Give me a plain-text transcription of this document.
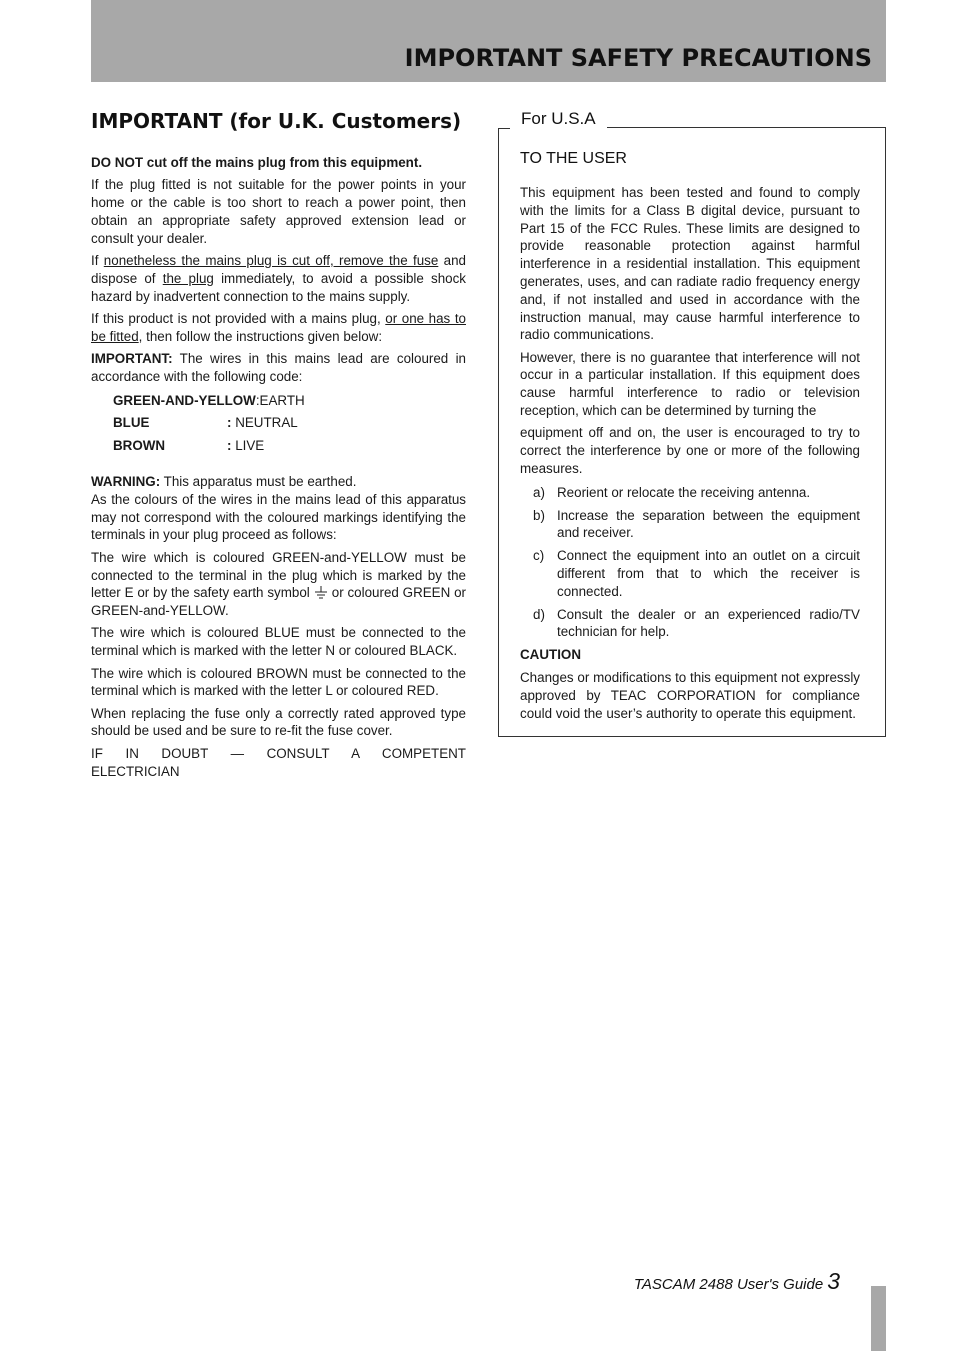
IMPORTANT SAFETY PRECAUTIONS
IMPORTANT (for U.K. Customers)

DO NOT cut off the mains plug from this equipment.

If the plug fitted is not suitable for the power points in your home or the cable is too short to reach a power point, then obtain an appropriate safety approved extension lead or consult your dealer.

If nonetheless the mains plug is cut off, remove the fuse and dispose of the plug immediately, to avoid a possible shock hazard by inadvertent connection to the mains supply.

If this product is not provided with a mains plug, or one has to be fitted, then follow the instructions given below:

IMPORTANT: The wires in this mains lead are coloured in accordance with the following code:

GREEN-AND-YELLOW:EARTH	
BLUE	: NEUTRAL
BROWN	: LIVE

WARNING: This apparatus must be earthed.

As the colours of the wires in the mains lead of this apparatus may not correspond with the coloured markings identifying the terminals in your plug proceed as follows:

The wire which is coloured GREEN-and-YELLOW must be connected to the terminal in the plug which is marked by the letter E or by the safety earth symbol or coloured GREEN or GREEN-and-YELLOW.

The wire which is coloured BLUE must be connected to the terminal which is marked with the letter N or coloured BLACK.

The wire which is coloured BROWN must be connected to the terminal which is marked with the letter L or coloured RED.

When replacing the fuse only a correctly rated approved type should be used and be sure to re-fit the fuse cover.

IF IN DOUBT — CONSULT A COMPETENT

ELECTRICIAN

For U.S.A
TO THE USER

This equipment has been tested and found to comply with the limits for a Class B digital device, pursuant to Part 15 of the FCC Rules. These limits are designed to provide reasonable protection against harmful interference in a residential installation. This equipment generates, uses, and can radiate radio frequency energy and, if not installed and used in accordance with the instruction manual, may cause harmful interference to radio communications.

However, there is no guarantee that interference will not occur in a particular installation. If this equipment does cause harmful interference to radio or television reception, which can be determined by turning the

equipment off and on, the user is encouraged to try to correct the interference by one or more of the following measures.

a) Reorient or relocate the receiving antenna.
b) Increase the separation between the equipment and receiver.
c) Connect the equipment into an outlet on a circuit different from that to which the receiver is connected.
d) Consult the dealer or an experienced radio/TV technician for help.

CAUTION

Changes or modifications to this equipment not expressly approved by TEAC CORPORATION for compliance could void the user’s authority to operate this equipment.

TASCAM 2488 User's Guide 3
